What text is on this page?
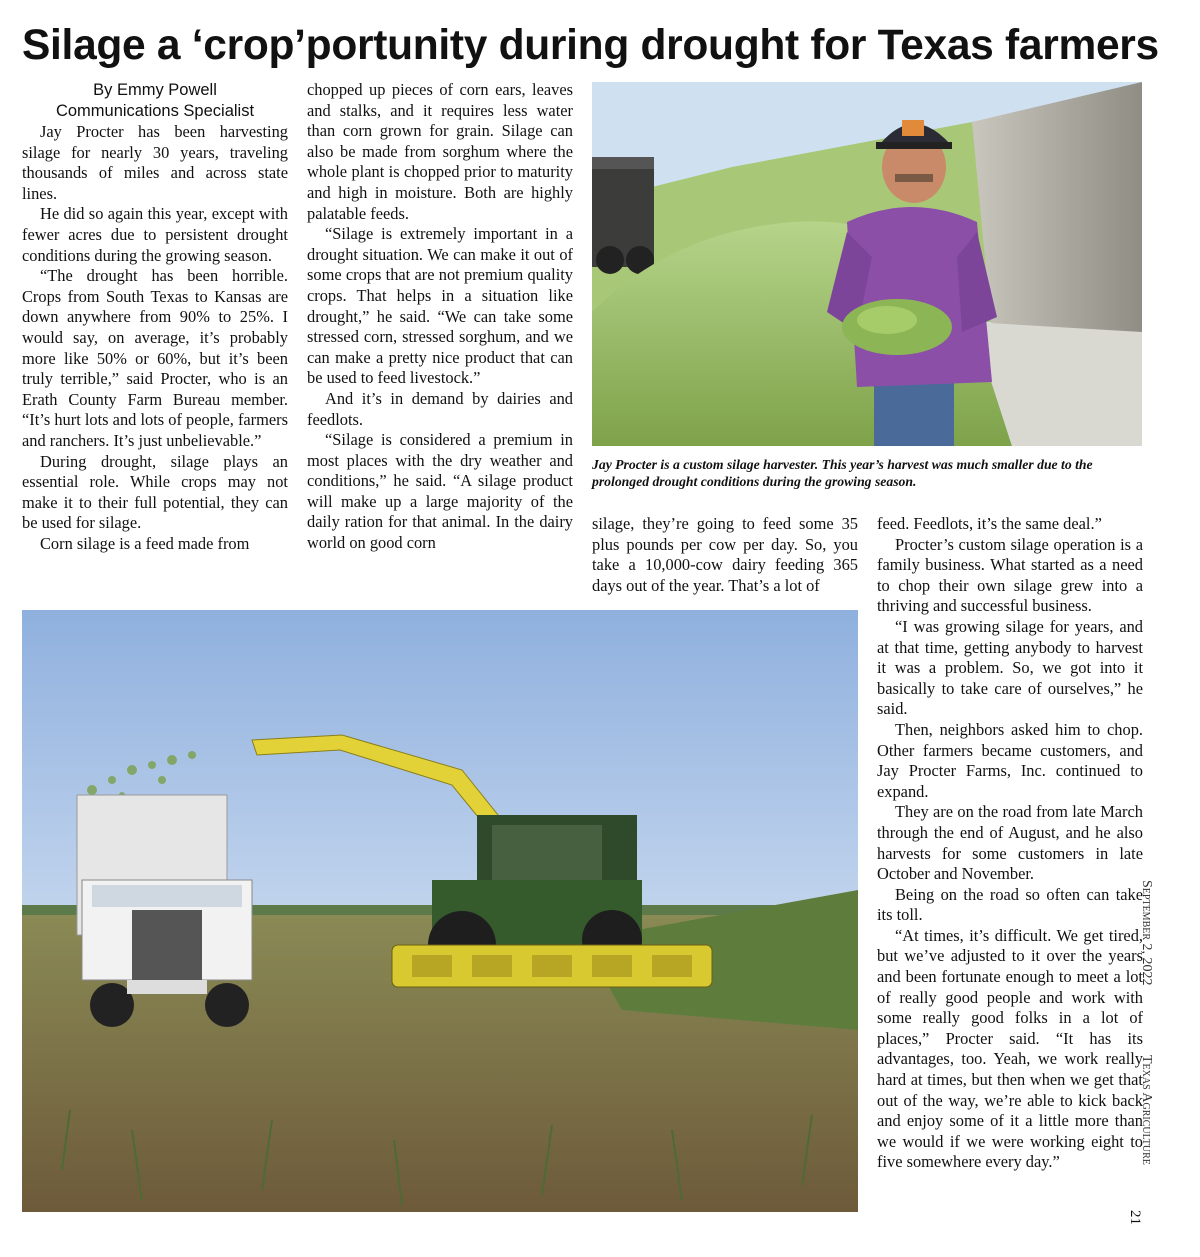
Silage a ‘crop’portunity during drought for Texas farmers
By Emmy Powell
Communications Specialist

Jay Procter has been harvesting silage for nearly 30 years, traveling thousands of miles and across state lines.

He did so again this year, except with fewer acres due to persistent drought conditions during the growing season.

“The drought has been horrible. Crops from South Texas to Kansas are down anywhere from 90% to 25%. I would say, on average, it’s probably more like 50% or 60%, but it’s been truly terrible,” said Procter, who is an Erath County Farm Bureau member. “It’s hurt lots and lots of people, farmers and ranchers. It’s just unbelievable.”

During drought, silage plays an essential role. While crops may not make it to their full potential, they can be used for silage.

Corn silage is a feed made from

chopped up pieces of corn ears, leaves and stalks, and it requires less water than corn grown for grain. Silage can also be made from sorghum where the whole plant is chopped prior to maturity and high in moisture. Both are highly palatable feeds.

“Silage is extremely important in a drought situation. We can make it out of some crops that are not premium quality crops. That helps in a situation like drought,” he said. “We can take some stressed corn, stressed sorghum, and we can make a pretty nice product that can be used to feed livestock.”

And it’s in demand by dairies and feedlots.

“Silage is considered a premium in most places with the dry weather and conditions,” he said. “A silage product will make up a large majority of the daily ration for that animal. In the dairy world on good corn

silage, they’re going to feed some 35 plus pounds per cow per day. So, you take a 10,000-cow dairy feeding 365 days out of the year. That’s a lot of

feed. Feedlots, it’s the same deal.”

Procter’s custom silage operation is a family business. What started as a need to chop their own silage grew into a thriving and successful business.

“I was growing silage for years, and at that time, getting anybody to harvest it was a problem. So, we got into it basically to take care of ourselves,” he said.

Then, neighbors asked him to chop. Other farmers became customers, and Jay Procter Farms, Inc. continued to expand.

They are on the road from late March through the end of August, and he also harvests for some customers in late October and November.

Being on the road so often can take its toll.

“At times, it’s difficult. We get tired, but we’ve adjusted to it over the years and been fortunate enough to meet a lot of really good people and work with some really good folks in a lot of places,” Procter said. “It has its advantages, too. Yeah, we work really hard at times, but then when we get that out of the way, we’re able to kick back and enjoy some of it a little more than we would if we were working eight to five somewhere every day.”

Jay Procter is a custom silage harvester. This year’s harvest was much smaller due to the prolonged drought conditions during the growing season.
September 2, 2022
Texas Agriculture
21
